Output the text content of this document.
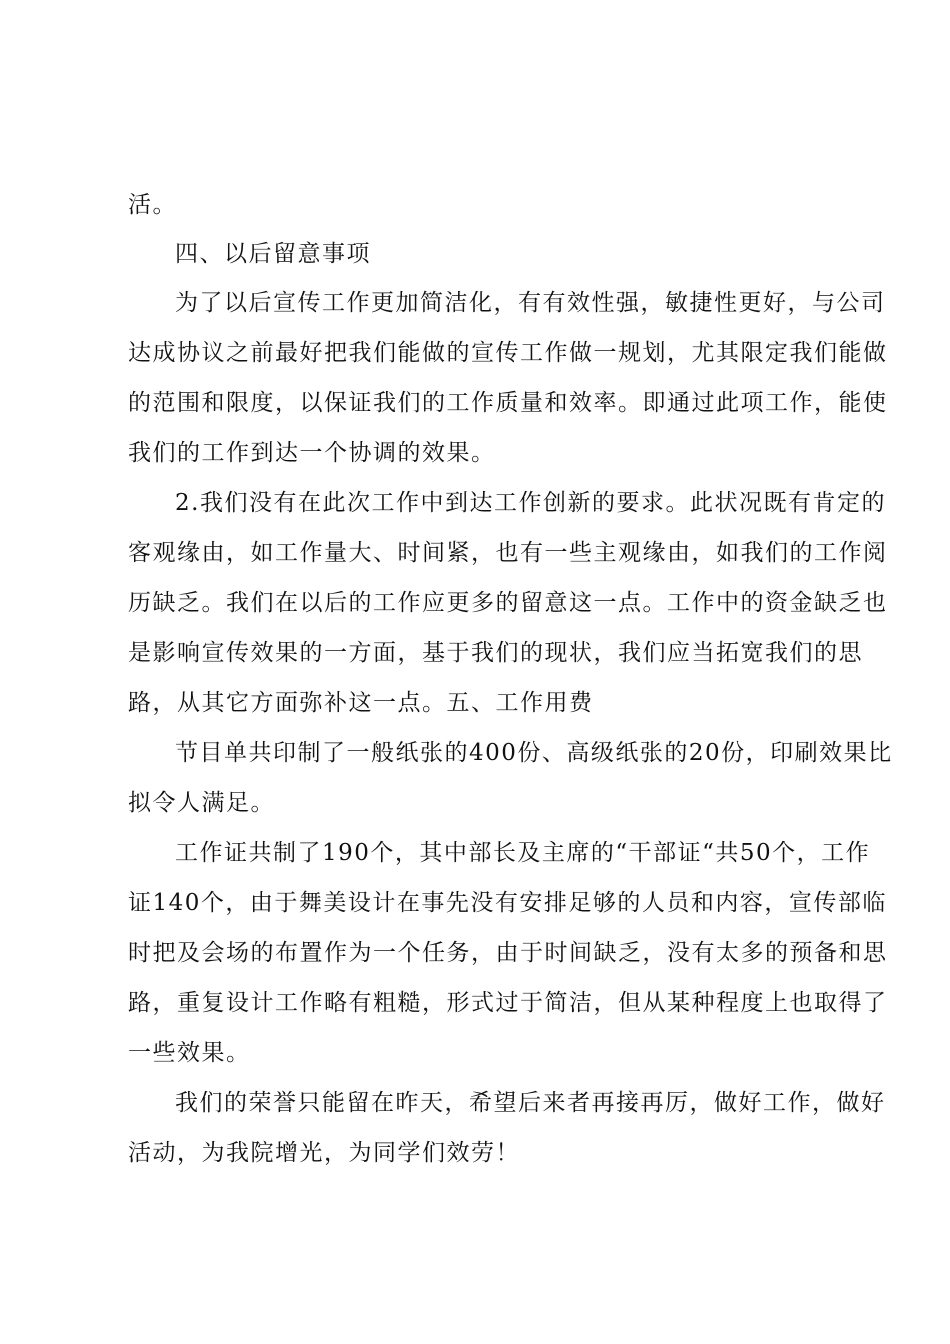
活。
四、以后留意事项
为了以后宣传工作更加简洁化，有有效性强，敏捷性更好，与公司
达成协议之前最好把我们能做的宣传工作做一规划，尤其限定我们能做
的范围和限度，以保证我们的工作质量和效率。即通过此项工作，能使
我们的工作到达一个协调的效果。
2.我们没有在此次工作中到达工作创新的要求。此状况既有肯定的
客观缘由，如工作量大、时间紧，也有一些主观缘由，如我们的工作阅
历缺乏。我们在以后的工作应更多的留意这一点。工作中的资金缺乏也
是影响宣传效果的一方面，基于我们的现状，我们应当拓宽我们的思
路，从其它方面弥补这一点。五、工作用费
节目单共印制了一般纸张的400份、高级纸张的20份，印刷效果比
拟令人满足。
工作证共制了190个，其中部长及主席的“干部证“共50个，工作
证140个，由于舞美设计在事先没有安排足够的人员和内容，宣传部临
时把及会场的布置作为一个任务，由于时间缺乏，没有太多的预备和思
路，重复设计工作略有粗糙，形式过于简洁，但从某种程度上也取得了
一些效果。
我们的荣誉只能留在昨天，希望后来者再接再厉，做好工作，做好
活动，为我院增光，为同学们效劳！
